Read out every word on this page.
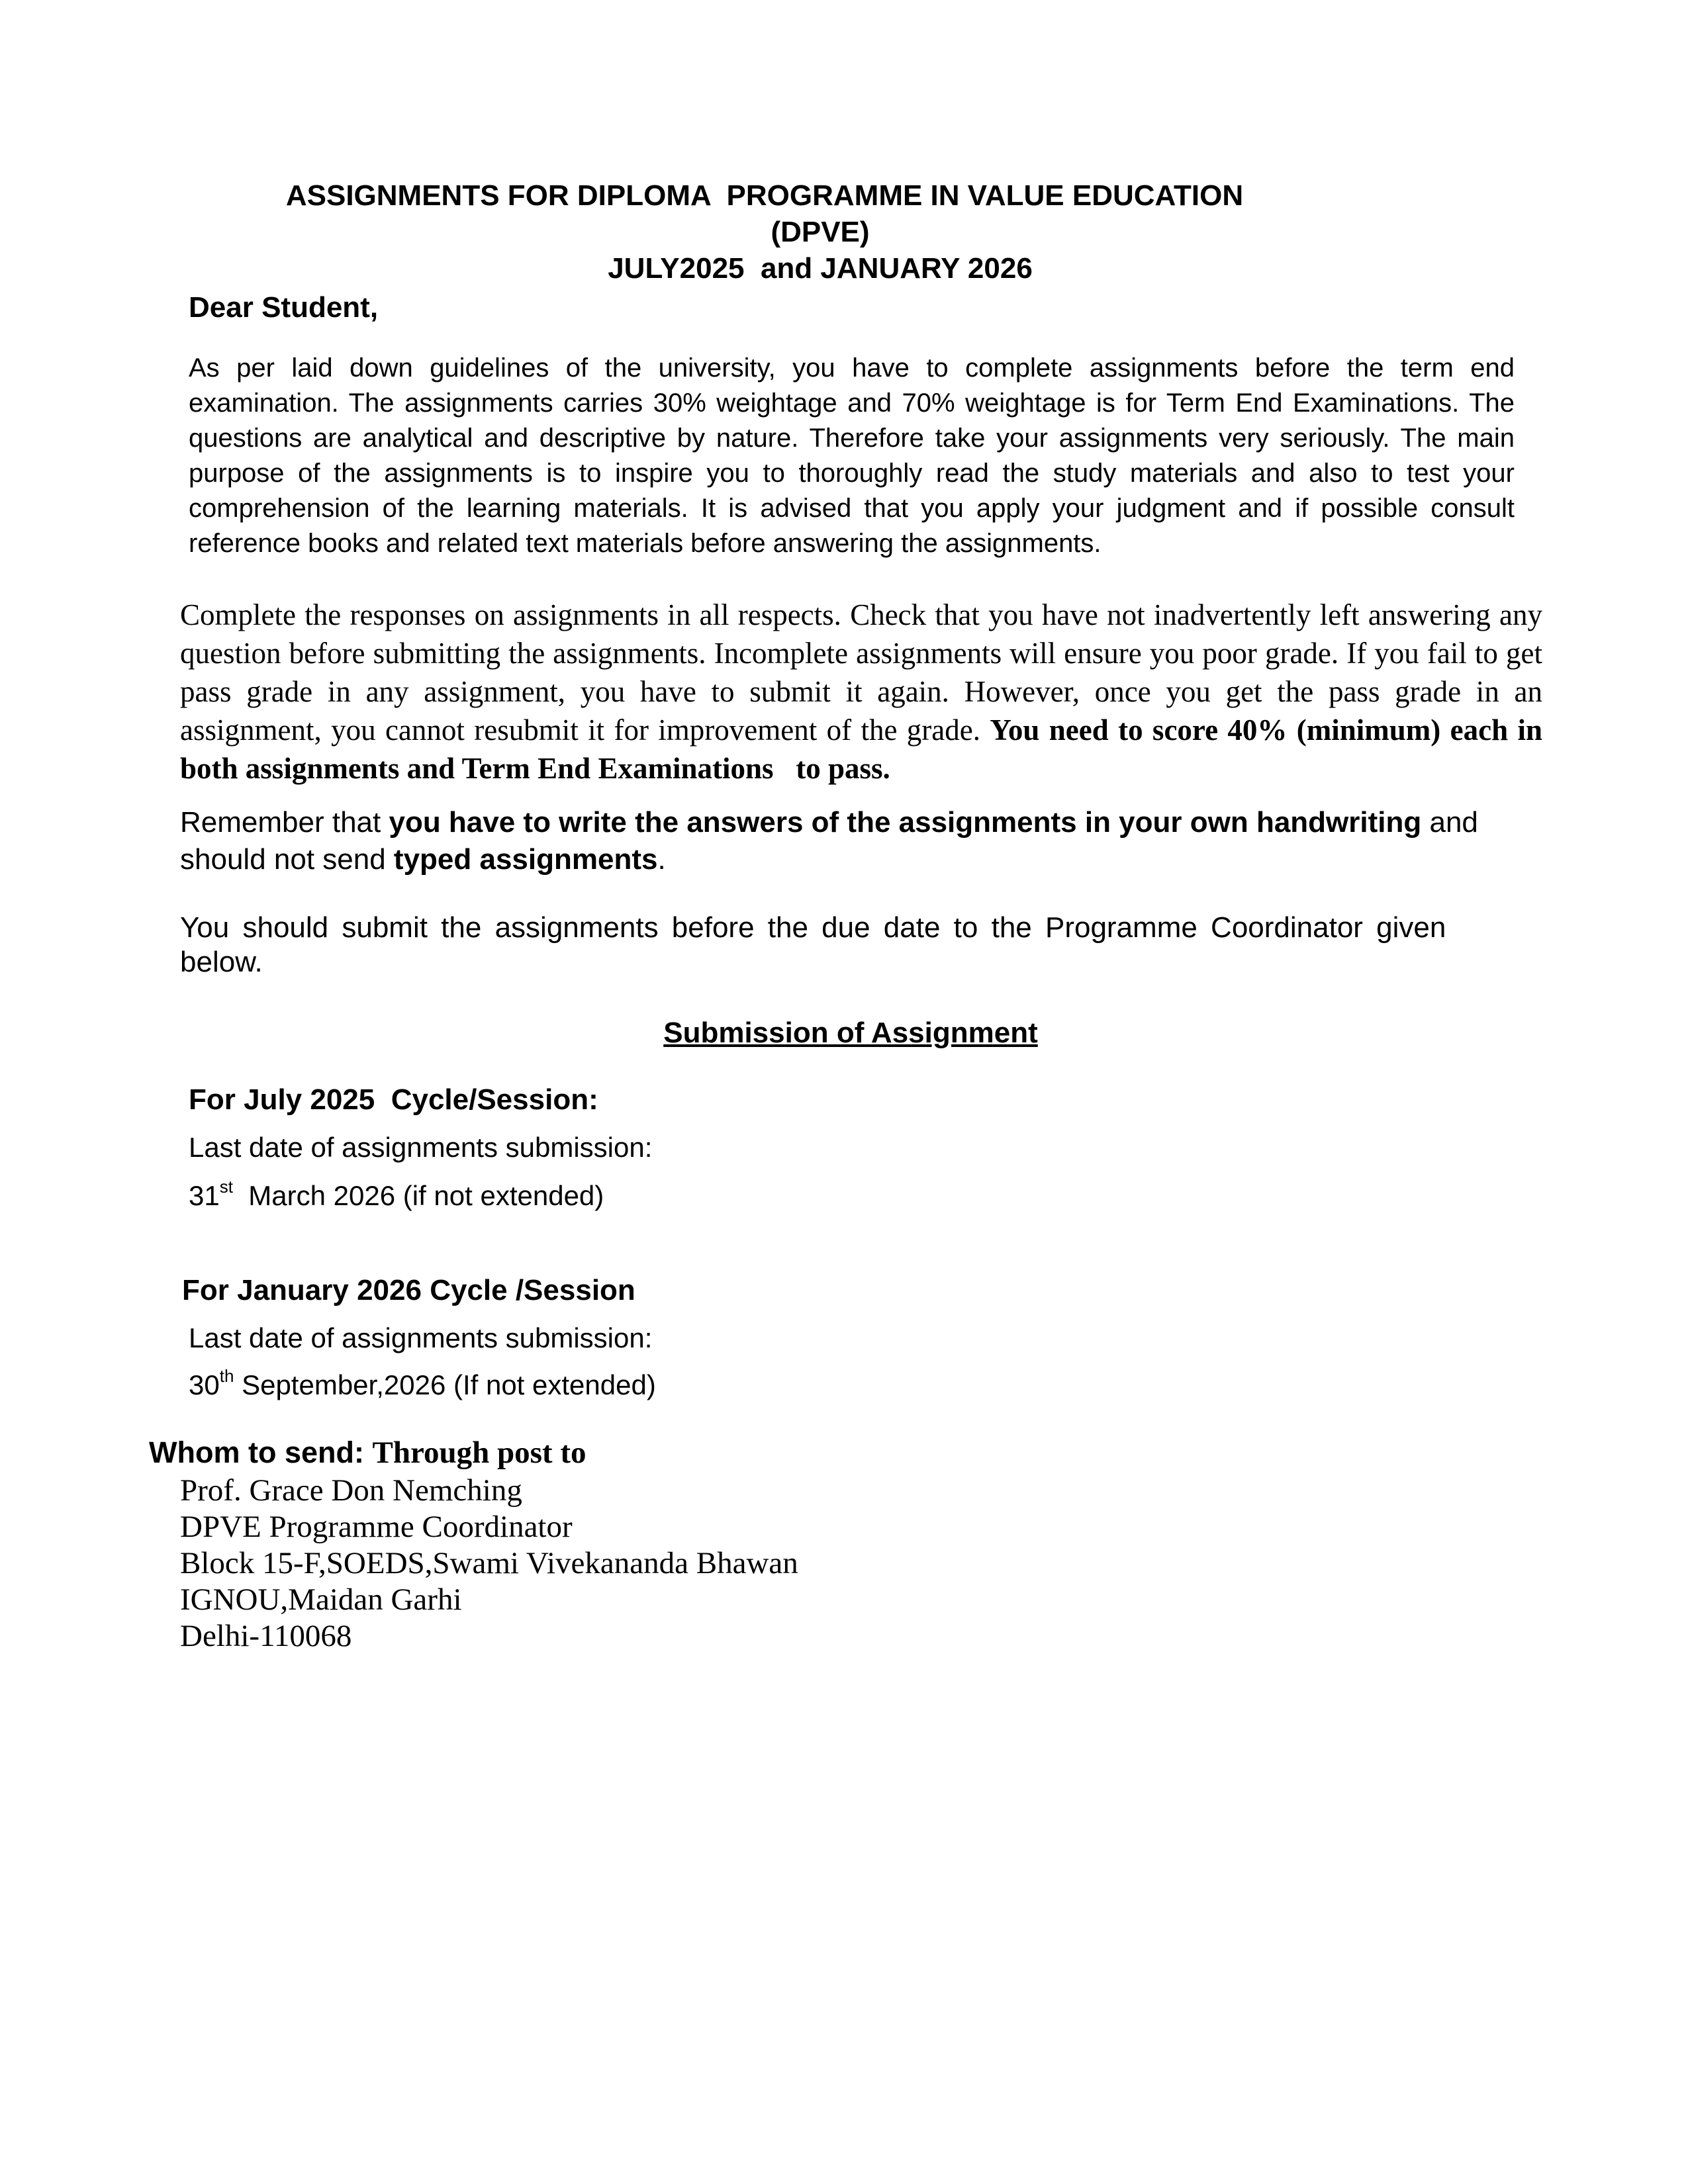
ASSIGNMENTS FOR DIPLOMA  PROGRAMME IN VALUE EDUCATION
(DPVE)
JULY2025  and JANUARY 2026
Dear Student,
As per laid down guidelines of the university, you have to complete assignments before the term end examination. The assignments carries 30% weightage and 70% weightage is for Term End Examinations. The questions are analytical and descriptive by nature. Therefore take your assignments very seriously. The main purpose of the assignments is to inspire you to thoroughly read the study materials and also to test your comprehension of the learning materials. It is advised that you apply your judgment and if possible consult reference books and related text materials before answering the assignments.
Complete the responses on assignments in all respects. Check that you have not inadvertently left answering any question before submitting the assignments. Incomplete assignments will ensure you poor grade. If you fail to get pass grade in any assignment, you have to submit it again. However, once you get the pass grade in an assignment, you cannot resubmit it for improvement of the grade. You need to score 40% (minimum) each in both assignments and Term End Examinations   to pass.
Remember that you have to write the answers of the assignments in your own handwriting and should not send typed assignments.
You should submit the assignments before the due date to the Programme Coordinator given below.
Submission of Assignment
For July 2025  Cycle/Session:
Last date of assignments submission:
31st  March 2026 (if not extended)
For January 2026 Cycle /Session
Last date of assignments submission:
30th September,2026 (If not extended)
Whom to send: Through post to
Prof. Grace Don Nemching
DPVE Programme Coordinator
Block 15-F,SOEDS,Swami Vivekananda Bhawan
IGNOU,Maidan Garhi
Delhi-110068
